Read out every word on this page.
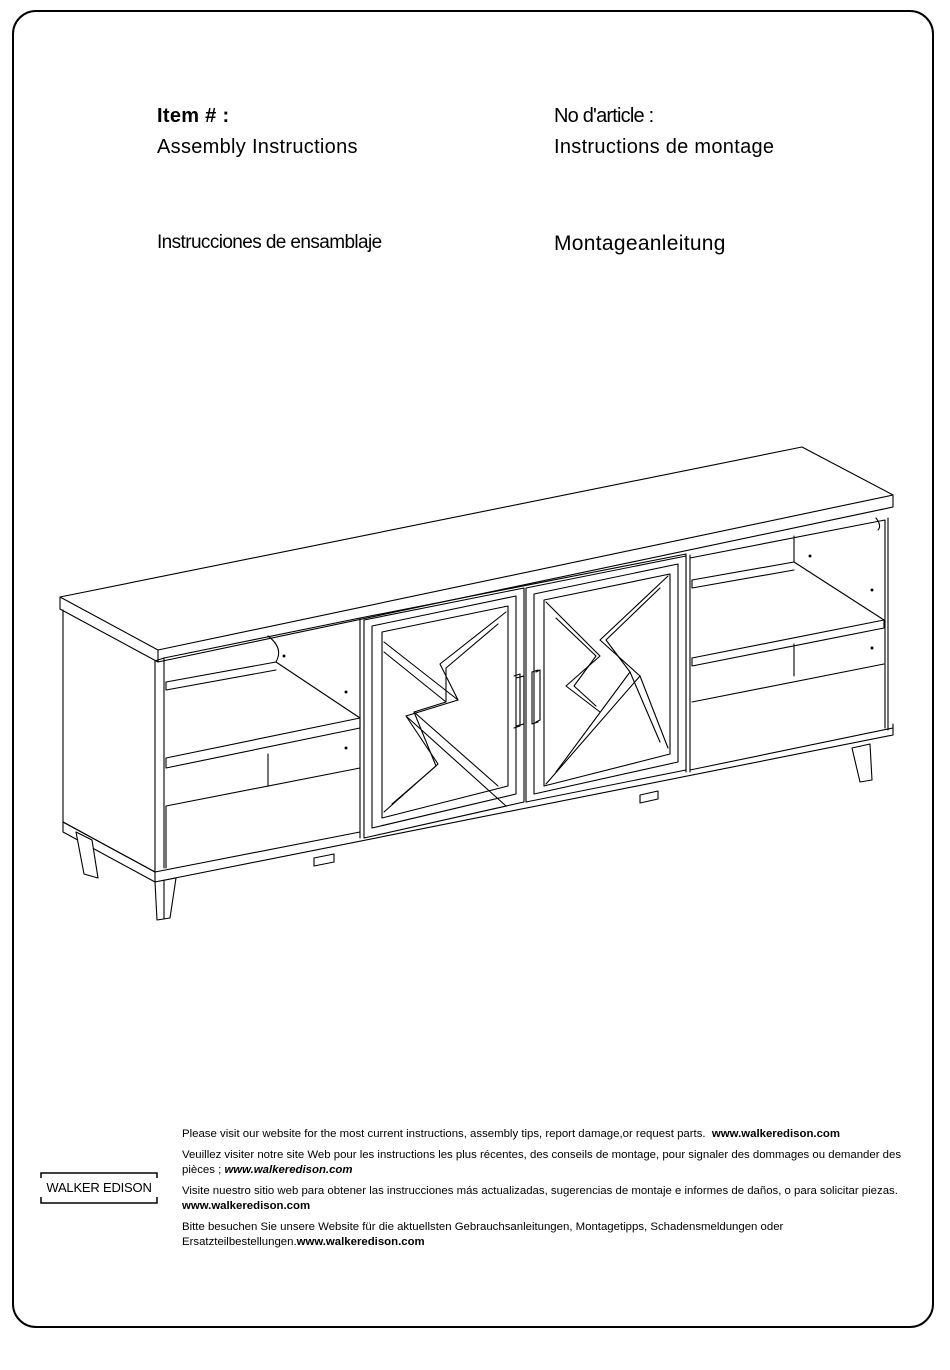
Item # :
Assembly Instructions
No d'article :
Instructions de montage
Instrucciones de ensamblaje	Montageanleitung
WALKER EDISON

Please visit our website for the most current instructions, assembly tips, report damage,or request parts. www.walkeredison.com

Veuillez visiter notre site Web pour les instructions les plus récentes, des conseils de montage, pour signaler des dommages ou demander des pièces ; www.walkeredison.com

Visite nuestro sitio web para obtener las instrucciones más actualizadas, sugerencias de montaje e informes de daños, o para solicitar piezas. www.walkeredison.com

Bitte besuchen Sie unsere Website für die aktuellsten Gebrauchsanleitungen, Montagetipps, Schadensmeldungen oder Ersatzteilbestellungen.www.walkeredison.com
